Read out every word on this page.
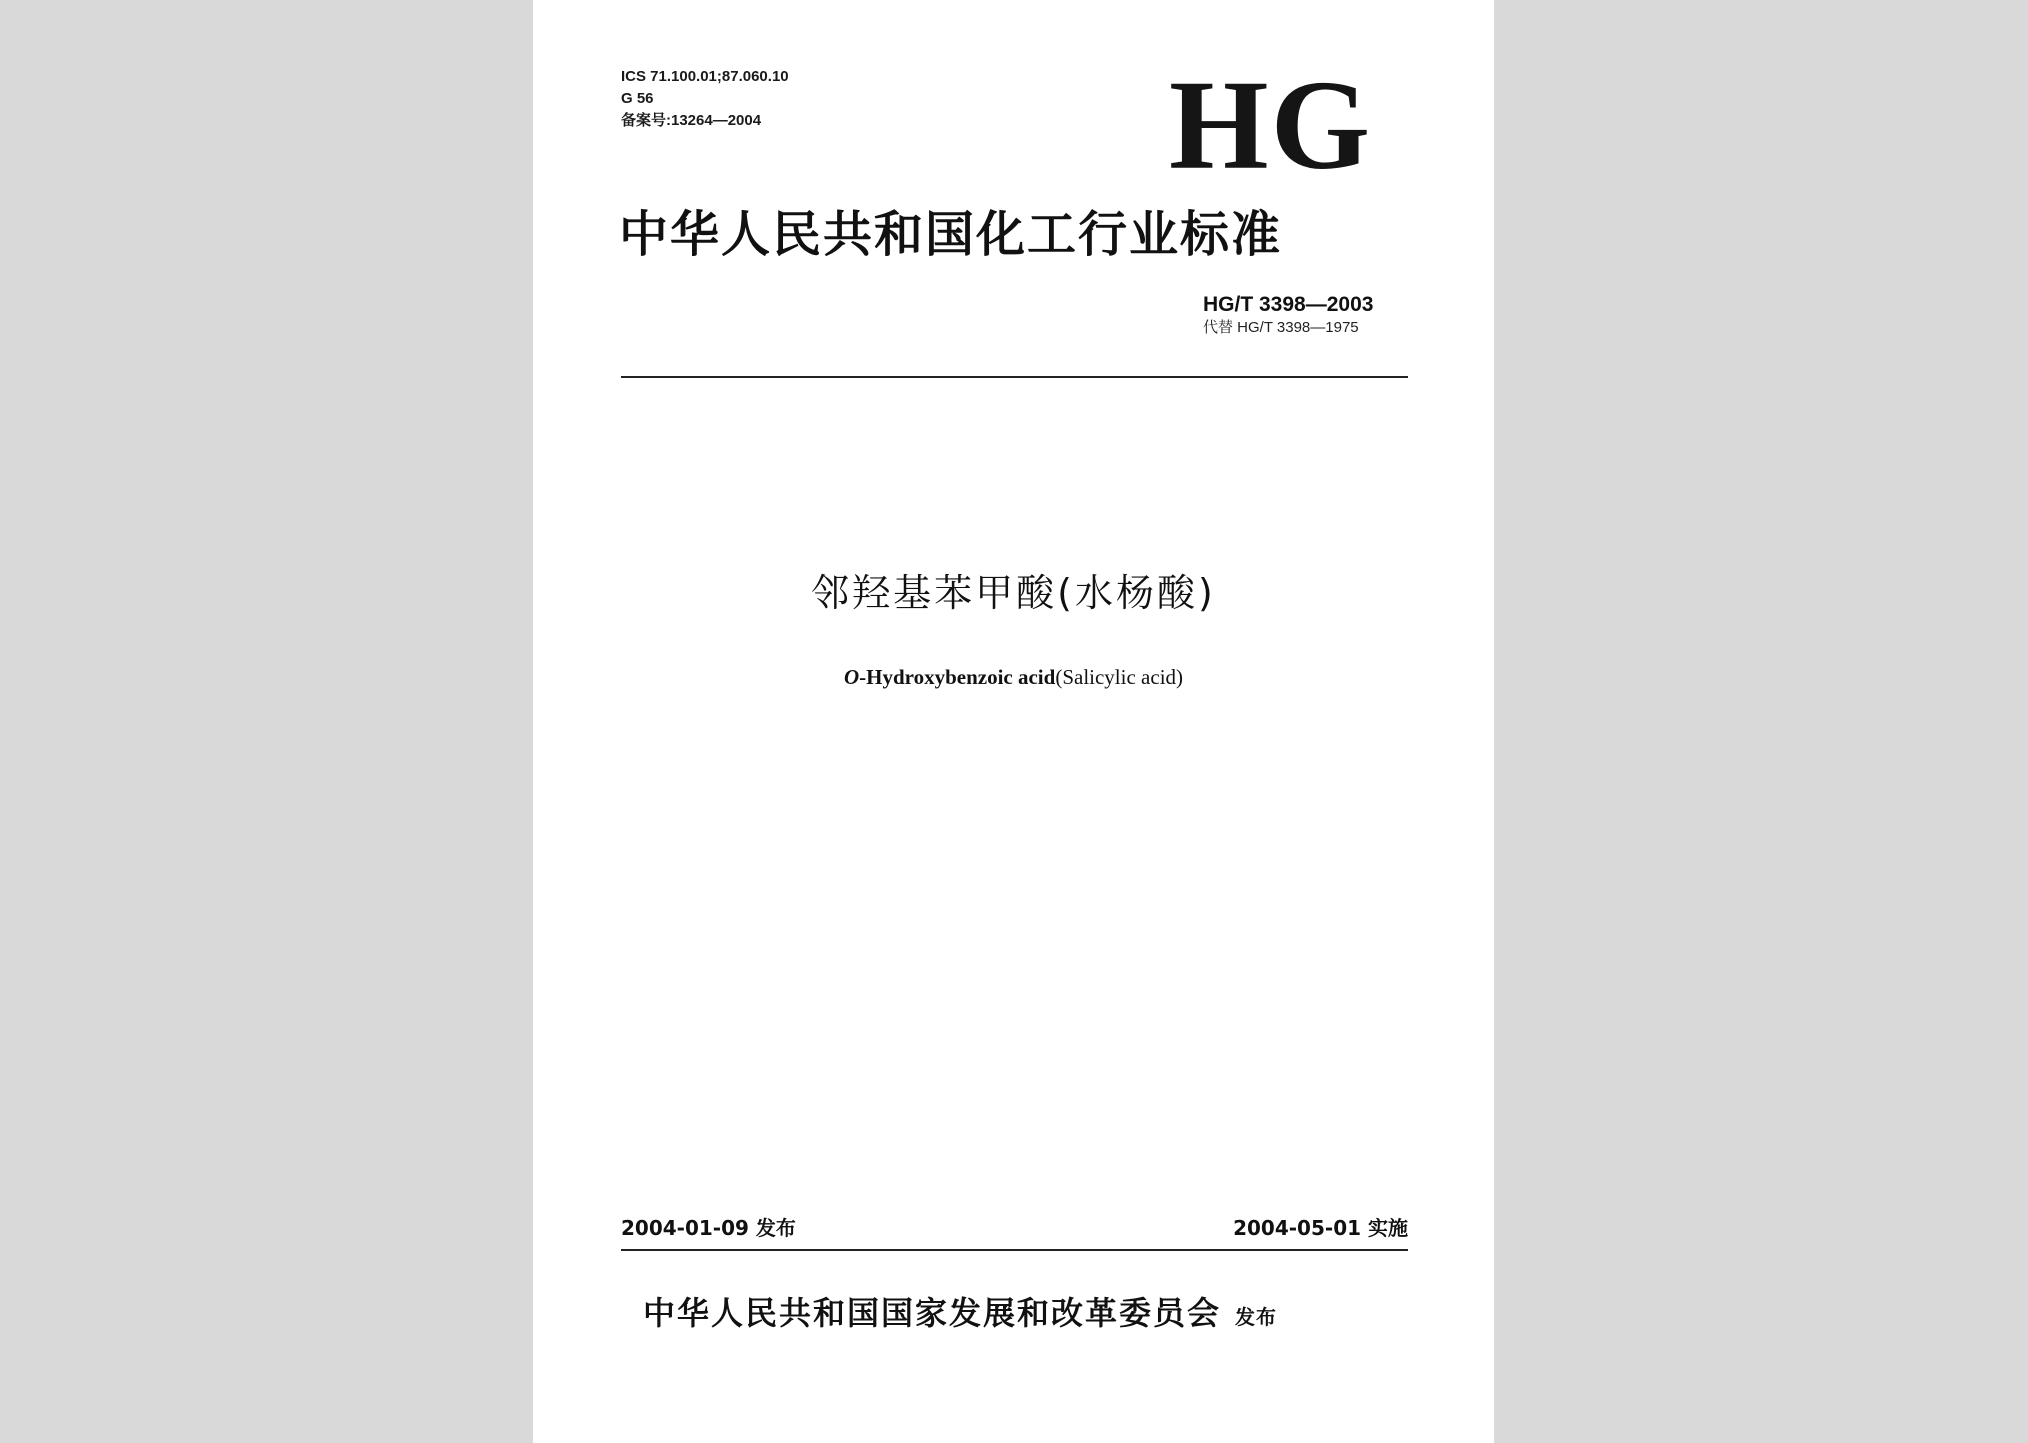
ICS 71.100.01;87.060.10
G 56
备案号:13264—2004	HG
中华人民共和国化工行业标准
HG/T 3398—2003
代替 HG/T 3398—1975
邻羟基苯甲酸(水杨酸)
O-Hydroxybenzoic acid(Salicylic acid)
2004-01-09 发布	2004-05-01 实施
中华人民共和国国家发展和改革委员会 发布
